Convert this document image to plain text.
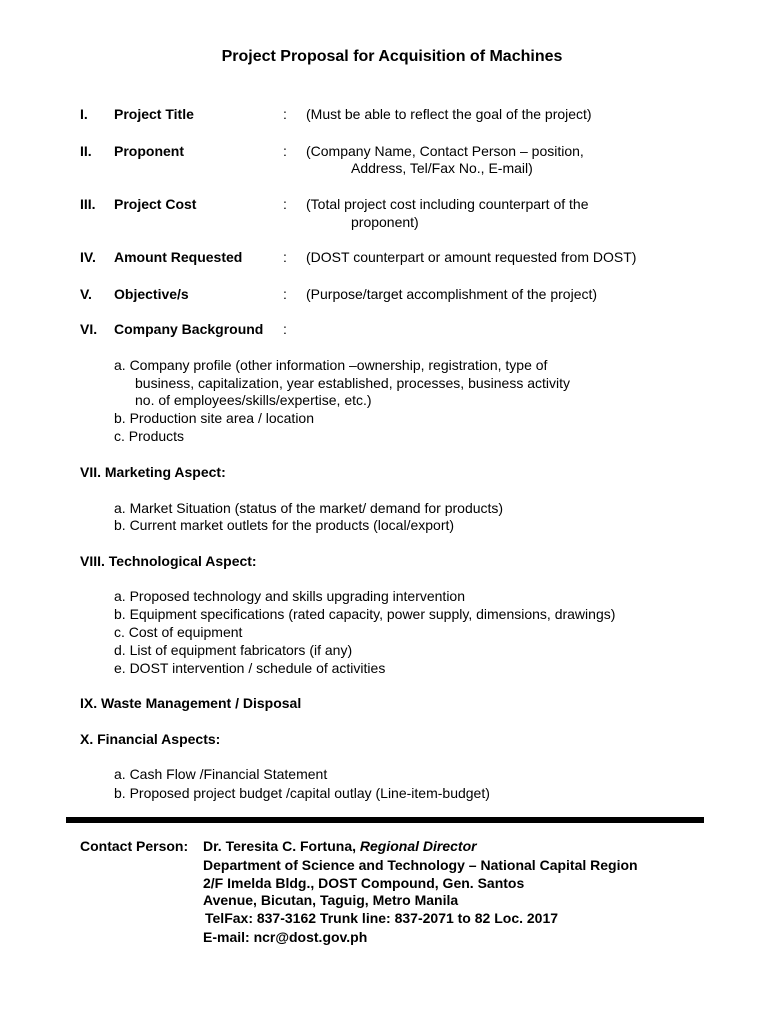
Project Proposal for Acquisition of Machines
I. Project Title	: (Must be able to reflect the goal of the project)
II. Proponent	: (Company Name, Contact Person – position,
Address, Tel/Fax No., E-mail)
III. Project Cost	: (Total project cost including counterpart of the
proponent)
IV. Amount Requested	: (DOST counterpart or amount requested from DOST)
V. Objective/s	: (Purpose/target accomplishment of the project)
VI. Company Background :
a. Company profile (other information –ownership, registration, type of
business, capitalization, year established, processes, business activity
no. of employees/skills/expertise, etc.)
b. Production site area / location
c. Products
VII. Marketing Aspect:
a. Market Situation (status of the market/ demand for products)
b. Current market outlets for the products (local/export)
VIII. Technological Aspect:
a. Proposed technology and skills upgrading intervention
b. Equipment specifications (rated capacity, power supply, dimensions, drawings)
c. Cost of equipment
d. List of equipment fabricators (if any)
e. DOST intervention / schedule of activities
IX. Waste Management / Disposal
X. Financial Aspects:
a. Cash Flow /Financial Statement
b. Proposed project budget /capital outlay (Line-item-budget)
Contact Person: Dr. Teresita C. Fortuna, Regional Director
Department of Science and Technology – National Capital Region
2/F Imelda Bldg., DOST Compound, Gen. Santos
Avenue, Bicutan, Taguig, Metro Manila
TelFax: 837-3162 Trunk line: 837-2071 to 82 Loc. 2017
E-mail: ncr@dost.gov.ph
